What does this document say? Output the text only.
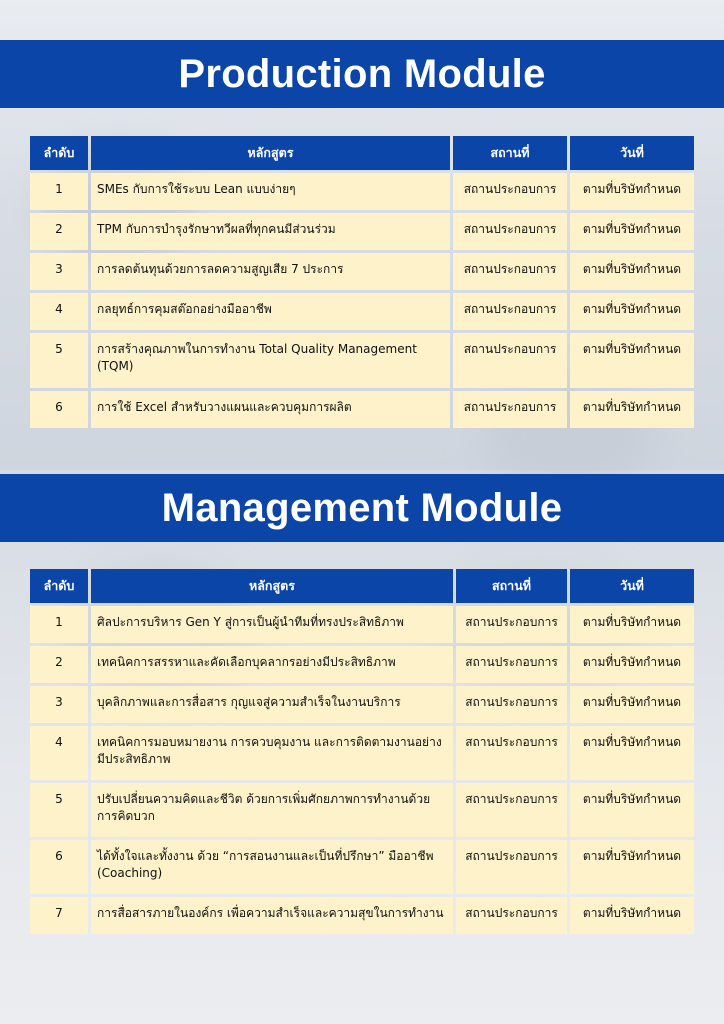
Production Module
ลำดับ	หลักสูตร	สถานที่	วันที่
1	SMEs กับการใช้ระบบ Lean แบบง่ายๆ	สถานประกอบการ	ตามที่บริษัทกำหนด
2	TPM กับการบำรุงรักษาทวีผลที่ทุกคนมีส่วนร่วม	สถานประกอบการ	ตามที่บริษัทกำหนด
3	การลดต้นทุนด้วยการลดความสูญเสีย 7 ประการ	สถานประกอบการ	ตามที่บริษัทกำหนด
4	กลยุทธ์การคุมสต๊อกอย่างมืออาชีพ	สถานประกอบการ	ตามที่บริษัทกำหนด
5	การสร้างคุณภาพในการทำงาน Total Quality Management (TQM)	สถานประกอบการ	ตามที่บริษัทกำหนด
6	การใช้ Excel สำหรับวางแผนและควบคุมการผลิต	สถานประกอบการ	ตามที่บริษัทกำหนด
Management Module
ลำดับ	หลักสูตร	สถานที่	วันที่
1	ศิลปะการบริหาร Gen Y สู่การเป็นผู้นำทีมที่ทรงประสิทธิภาพ	สถานประกอบการ	ตามที่บริษัทกำหนด
2	เทคนิคการสรรหาและคัดเลือกบุคลากรอย่างมีประสิทธิภาพ	สถานประกอบการ	ตามที่บริษัทกำหนด
3	บุคลิกภาพและการสื่อสาร กุญแจสู่ความสำเร็จในงานบริการ	สถานประกอบการ	ตามที่บริษัทกำหนด
4	เทคนิคการมอบหมายงาน การควบคุมงาน และการติดตามงานอย่างมีประสิทธิภาพ	สถานประกอบการ	ตามที่บริษัทกำหนด
5	ปรับเปลี่ยนความคิดและชีวิต ด้วยการเพิ่มศักยภาพการทำงานด้วยการคิดบวก	สถานประกอบการ	ตามที่บริษัทกำหนด
6	ได้ทั้งใจและทั้งงาน ด้วย “การสอนงานและเป็นที่ปรึกษา” มืออาชีพ (Coaching)	สถานประกอบการ	ตามที่บริษัทกำหนด
7	การสื่อสารภายในองค์กร เพื่อความสำเร็จและความสุขในการทำงาน	สถานประกอบการ	ตามที่บริษัทกำหนด
